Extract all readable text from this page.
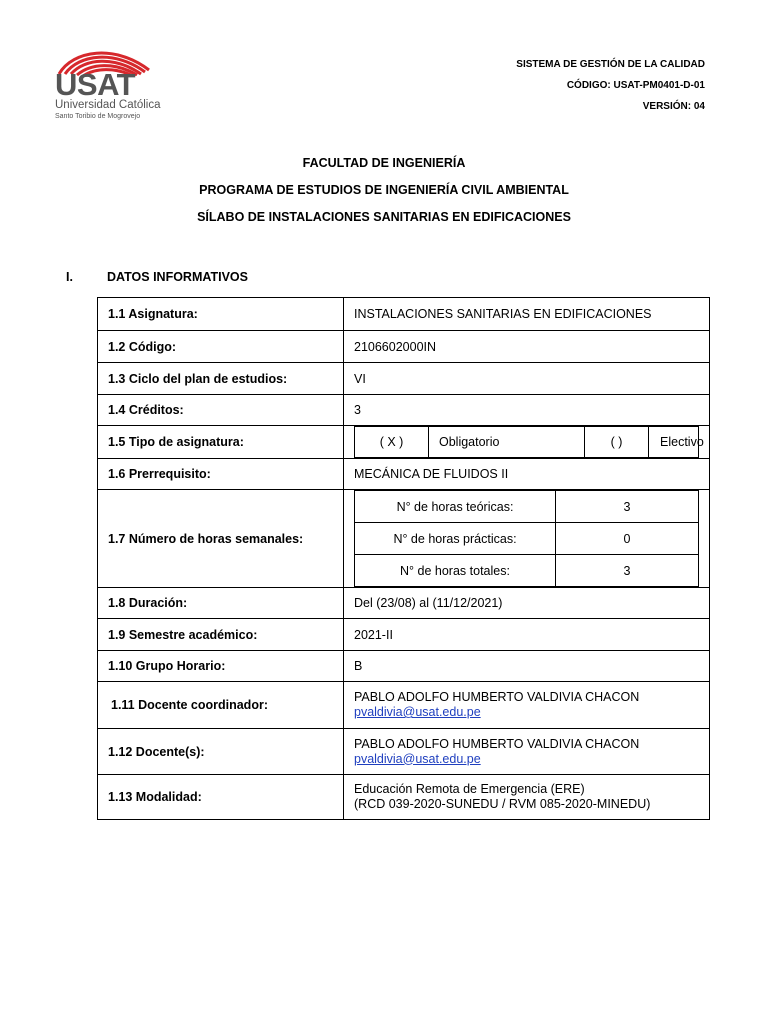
USAT
Universidad Católica
Santo Toribio de Mogrovejo
SISTEMA DE GESTIÓN DE LA CALIDAD
CÓDIGO: USAT-PM0401-D-01
VERSIÓN: 04
FACULTAD DE INGENIERÍA
PROGRAMA DE ESTUDIOS DE INGENIERÍA CIVIL AMBIENTAL
SÍLABO DE INSTALACIONES SANITARIAS EN EDIFICACIONES
I.	DATOS INFORMATIVOS
1.1 Asignatura:	INSTALACIONES SANITARIAS EN EDIFICACIONES
1.2 Código:	2106602000IN
1.3 Ciclo del plan de estudios:	VI
1.4 Créditos:	3
1.5 Tipo de asignatura:		( X )	Obligatorio	( )	Electivo

1.6 Prerrequisito:	MECÁNICA DE FLUIDOS II
1.7 Número de horas semanales:	
N° de horas teóricas:	3
N° de horas prácticas:	0
N° de horas totales:	3

1.8 Duración:	Del (23/08) al (11/12/2021)
1.9 Semestre académico:	2021-II
1.10 Grupo Horario:	B
1.11 Docente coordinador:	
PABLO ADOLFO HUMBERTO VALDIVIA CHACON
pvaldivia@usat.edu.pe

1.12 Docente(s):	
PABLO ADOLFO HUMBERTO VALDIVIA CHACON
pvaldivia@usat.edu.pe

1.13 Modalidad:	
Educación Remota de Emergencia (ERE)
(RCD 039-2020-SUNEDU / RVM 085-2020-MINEDU)
